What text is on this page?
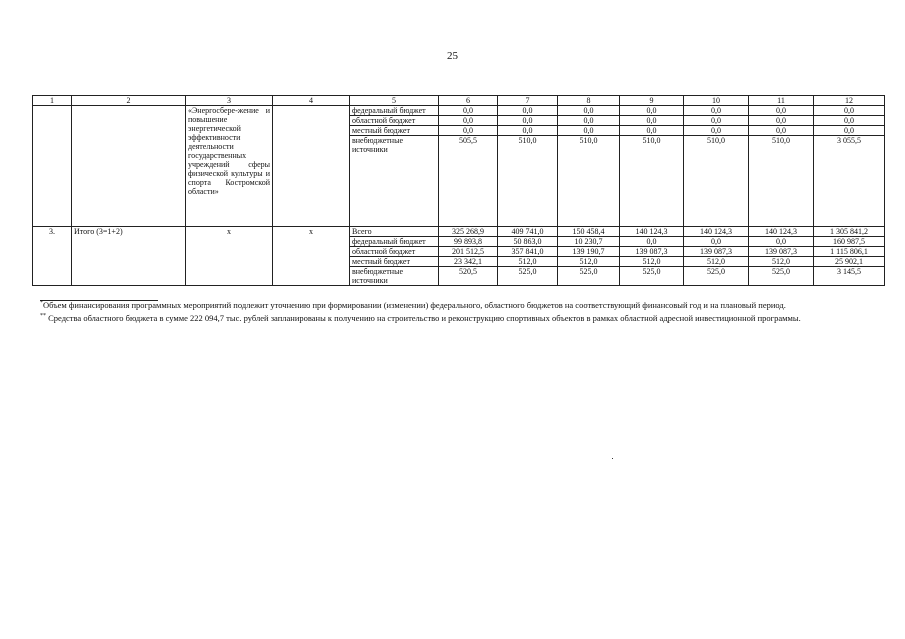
25
1	2	3	4	5	6	7	8	9	10	11	12
		«Энергосбере-жение и повышение энергетической эффективности деятельности государственных учреждений сферы физической культуры и спорта Костромской области»		федеральный бюджет	0,0	0,0	0,0	0,0	0,0	0,0	0,0
				областной бюджет	0,0	0,0	0,0	0,0	0,0	0,0	0,0
				местный бюджет	0,0	0,0	0,0	0,0	0,0	0,0	0,0
				внебюджетные источники	505,5	510,0	510,0	510,0	510,0	510,0	3 055,5
3.	Итого (3=1+2)	х	х	Всего	325 268,9	409 741,0	150 458,4	140 124,3	140 124,3	140 124,3	1 305 841,2
				федеральный бюджет	99 893,8	50 863,0	10 230,7	0,0	0,0	0,0	160 987,5
				областной бюджет	201 512,5	357 841,0	139 190,7	139 087,3	139 087,3	139 087,3	1 115 806,1
				местный бюджет	23 342,1	512,0	512,0	512,0	512,0	512,0	25 902,1
				внебюджетные источники	520,5	525,0	525,0	525,0	525,0	525,0	3 145,5

*Объем финансирования программных мероприятий подлежит уточнению при формировании (изменении) федерального, областного бюджетов на соответствующий финансовый год и на плановый период.

** Средства областного бюджета в сумме 222 094,7 тыс. рублей запланированы к получению на строительство и реконструкцию спортивных объектов в рамках областной адресной инвестиционной программы.
